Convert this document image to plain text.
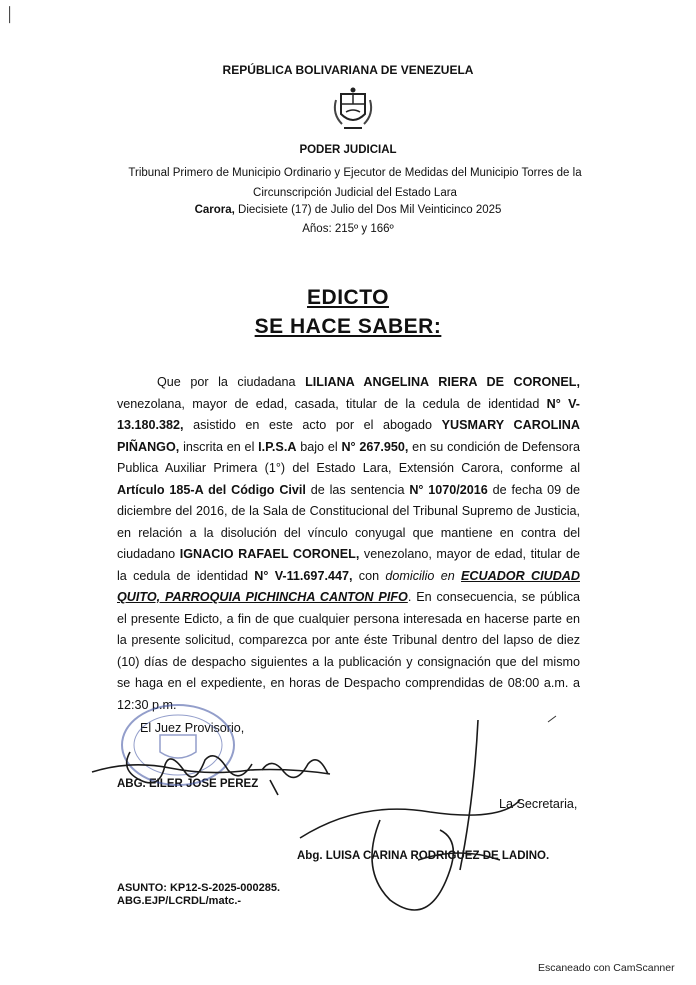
│
REPÚBLICA BOLIVARIANA DE VENEZUELA
PODER JUDICIAL
Tribunal Primero de Municipio Ordinario y Ejecutor de Medidas del Municipio Torres de la Circunscripción Judicial del Estado Lara
Carora, Diecisiete (17) de Julio del Dos Mil Veinticinco 2025
Años: 215º y 166º
EDICTO
SE HACE SABER:

Que por la ciudadana LILIANA ANGELINA RIERA DE CORONEL, venezolana, mayor de edad, casada, titular de la cedula de identidad N° V-13.180.382, asistido en este acto por el abogado YUSMARY CAROLINA PIÑANGO, inscrita en el I.P.S.A bajo el N° 267.950, en su condición de Defensora Publica Auxiliar Primera (1°) del Estado Lara, Extensión Carora, conforme al Artículo 185-A del Código Civil de las sentencia N° 1070/2016 de fecha 09 de diciembre del 2016, de la Sala de Constitucional del Tribunal Supremo de Justicia, en relación a la disolución del vínculo conyugal que mantiene en contra del ciudadano IGNACIO RAFAEL CORONEL, venezolano, mayor de edad, titular de la cedula de identidad N° V-11.697.447, con domicilio en ECUADOR CIUDAD QUITO, PARROQUIA PICHINCHA CANTON PIFO. En consecuencia, se pública el presente Edicto, a fin de que cualquier persona interesada en hacerse parte en la presente solicitud, comparezca por ante éste Tribunal dentro del lapso de diez (10) días de despacho siguientes a la publicación y consignación que del mismo se haga en el expediente, en horas de Despacho comprendidas de 08:00 a.m. a 12:30 p.m.

El Juez Provisorio,
ABG. EILER JOSE PEREZ
La Secretaria,
Abg. LUISA CARINA RODRIGUEZ DE LADINO.
ASUNTO: KP12-S-2025-000285.
ABG.EJP/LCRDL/matc.-
Escaneado con CamScanner
